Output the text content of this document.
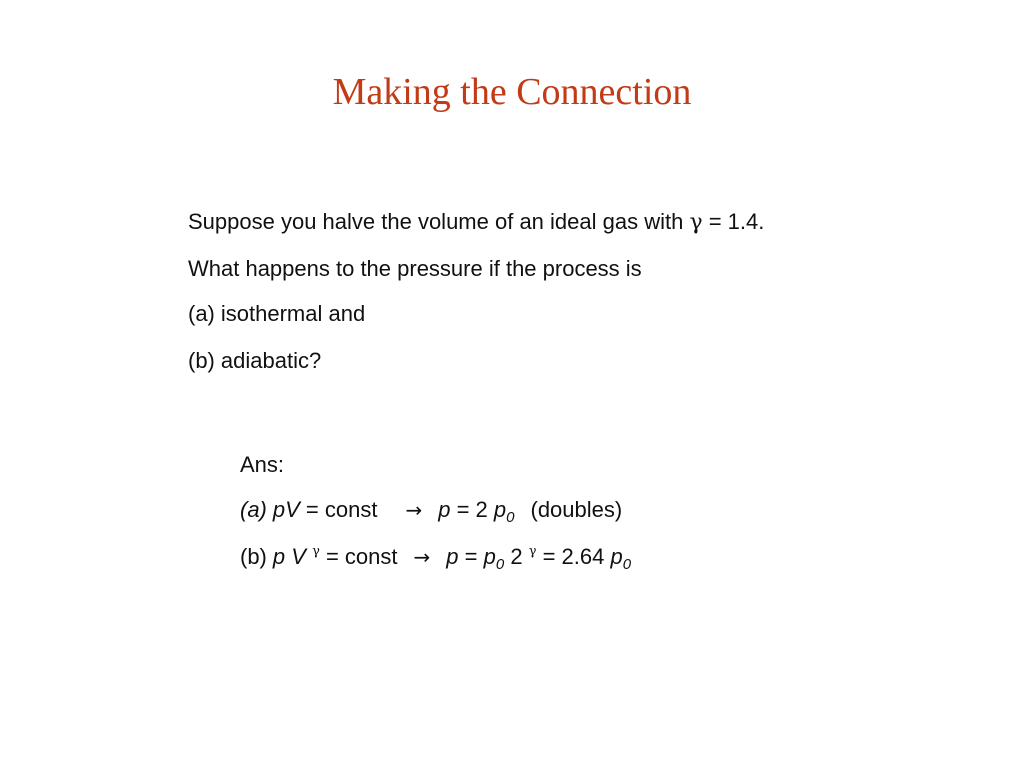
Making the Connection
Suppose you halve the volume of an ideal gas with γ = 1.4.
What happens to the pressure if the process is
(a) isothermal and
(b) adiabatic?
Ans:
(a) pV = const → p = 2 $p_0$ (doubles)
(b) p V $^\gamma$ = const → $p = p_0$ 2 $^\gamma$ = 2.64 $p_0$
